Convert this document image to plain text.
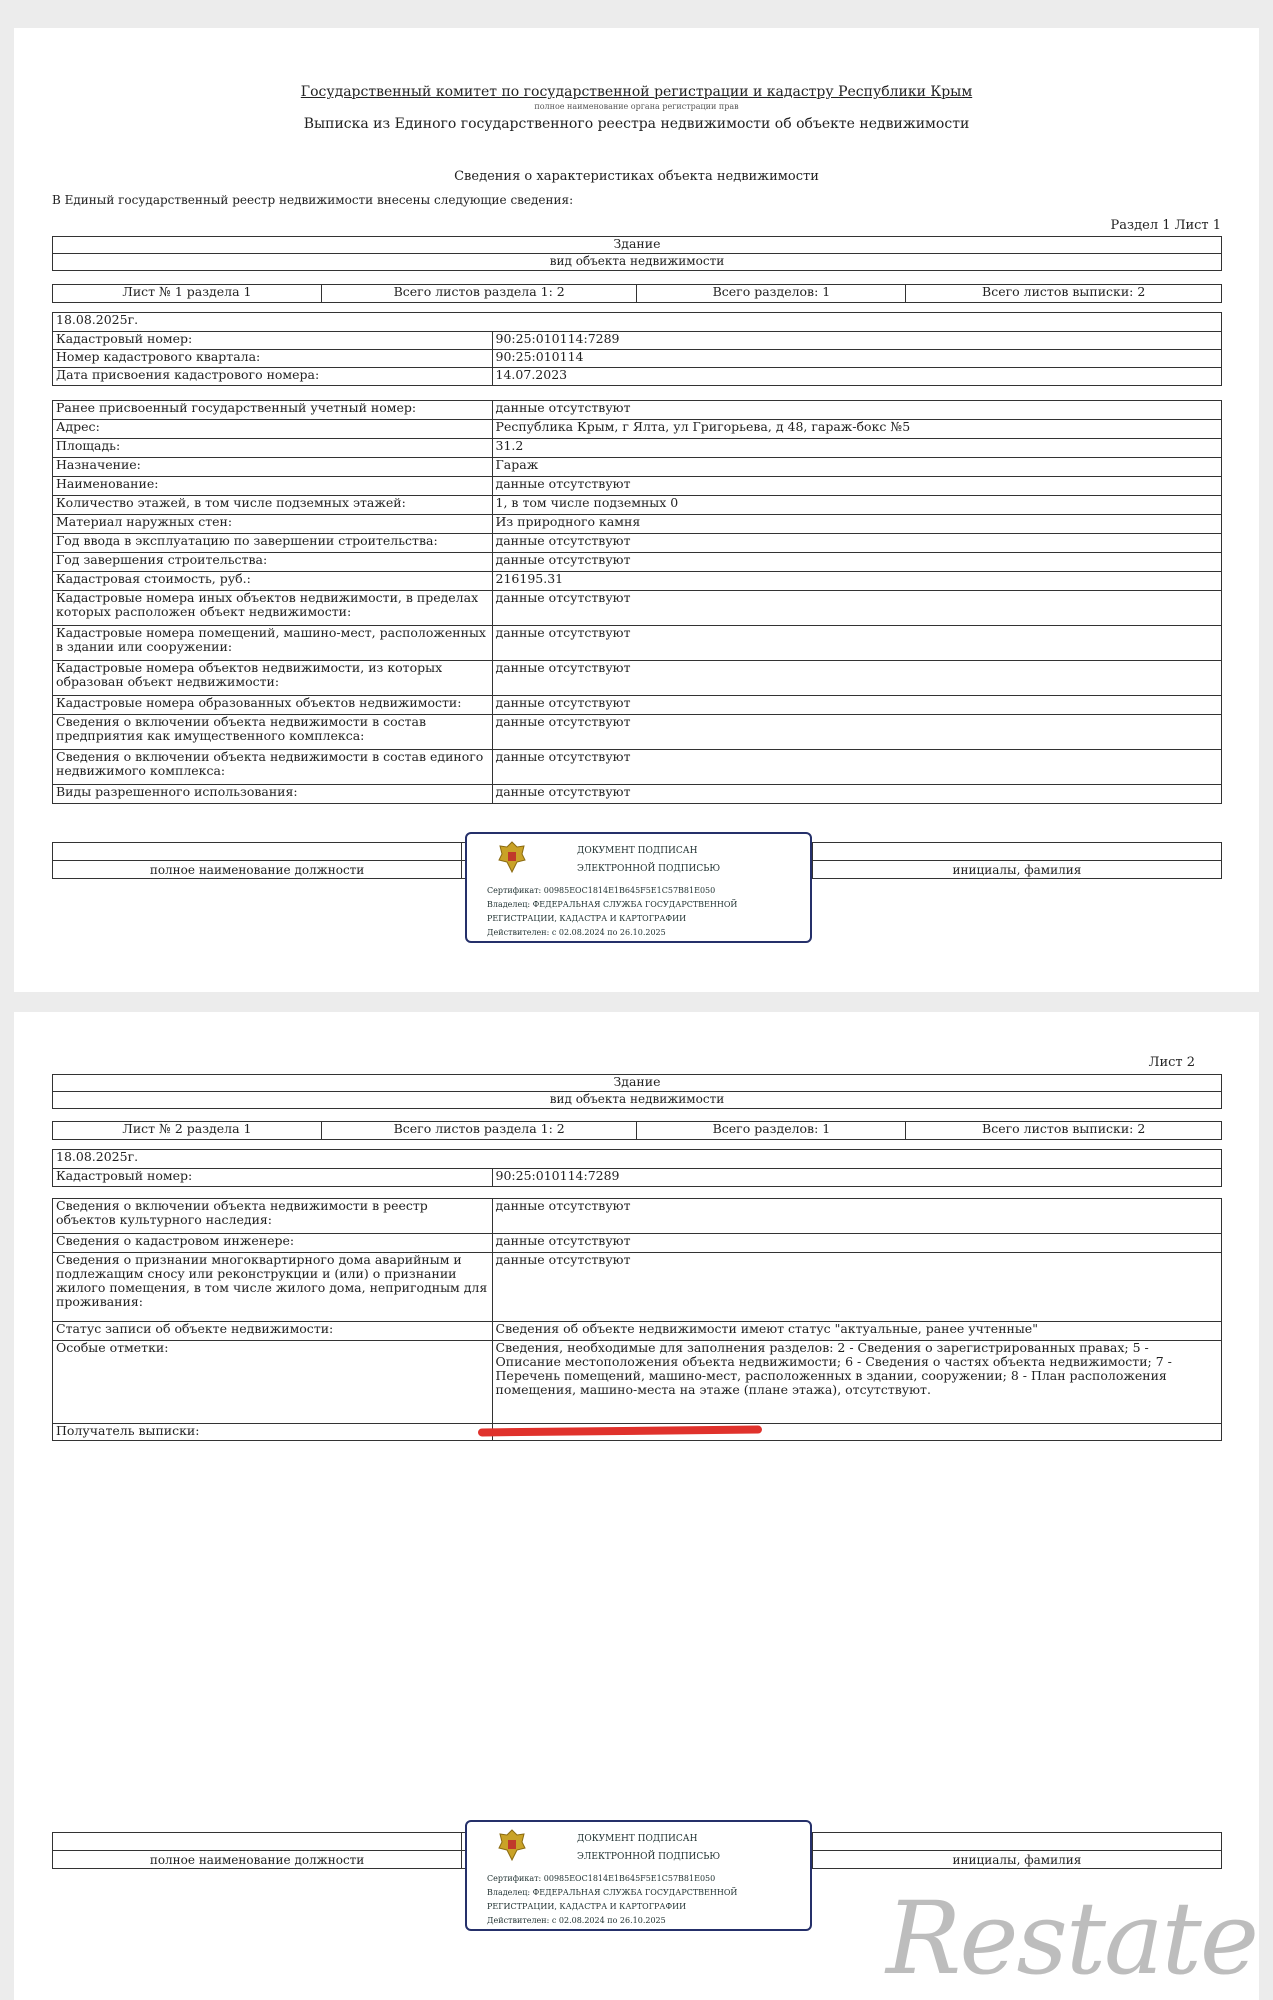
Государственный комитет по государственной регистрации и кадастру Республики Крым
полное наименование органа регистрации прав
Выписка из Единого государственного реестра недвижимости об объекте недвижимости
Сведения о характеристиках объекта недвижимости
В Единый государственный реестр недвижимости внесены следующие сведения:
Раздел 1 Лист 1
Здание
вид объекта недвижимости
Лист № 1 раздела 1	Всего листов раздела 1: 2	Всего разделов: 1	Всего листов выписки: 2
18.08.2025г.	
Кадастровый номер:	90:25:010114:7289
Номер кадастрового квартала:	90:25:010114
Дата присвоения кадастрового номера:	14.07.2023
Ранее присвоенный государственный учетный номер:	данные отсутствуют
Адрес:	Республика Крым, г Ялта, ул Григорьева, д 48, гараж-бокс №5
Площадь:	31.2
Назначение:	Гараж
Наименование:	данные отсутствуют
Количество этажей, в том числе подземных этажей:	1, в том числе подземных 0
Материал наружных стен:	Из природного камня
Год ввода в эксплуатацию по завершении строительства:	данные отсутствуют
Год завершения строительства:	данные отсутствуют
Кадастровая стоимость, руб.:	216195.31
Кадастровые номера иных объектов недвижимости, в пределах которых расположен объект недвижимости:	данные отсутствуют
Кадастровые номера помещений, машино-мест, расположенных в здании или сооружении:	данные отсутствуют
Кадастровые номера объектов недвижимости, из которых образован объект недвижимости:	данные отсутствуют
Кадастровые номера образованных объектов недвижимости:	данные отсутствуют
Сведения о включении объекта недвижимости в состав предприятия как имущественного комплекса:	данные отсутствуют
Сведения о включении объекта недвижимости в состав единого недвижимого комплекса:	данные отсутствуют
Виды разрешенного использования:	данные отсутствуют

полное наименование должности		инициалы, фамилия
ДОКУМЕНТ ПОДПИСАН
ЭЛЕКТРОННОЙ ПОДПИСЬЮ
Сертификат: 00985ЕОС1814Е1В645F5Е1С57В81Е050
Владелец: ФЕДЕРАЛЬНАЯ СЛУЖБА ГОСУДАРСТВЕННОЙ
РЕГИСТРАЦИИ, КАДАСТРА И КАРТОГРАФИИ
Действителен: с 02.08.2024 по 26.10.2025
Лист 2
Здание
вид объекта недвижимости
Лист № 2 раздела 1	Всего листов раздела 1: 2	Всего разделов: 1	Всего листов выписки: 2
18.08.2025г.
Кадастровый номер:	90:25:010114:7289
Сведения о включении объекта недвижимости в реестр объектов культурного наследия:	данные отсутствуют
Сведения о кадастровом инженере:	данные отсутствуют
Сведения о признании многоквартирного дома аварийным и подлежащим сносу или реконструкции и (или) о признании жилого помещения, в том числе жилого дома, непригодным для проживания:	данные отсутствуют
Статус записи об объекте недвижимости:	Сведения об объекте недвижимости имеют статус "актуальные, ранее учтенные"
Особые отметки:	Сведения, необходимые для заполнения разделов: 2 - Сведения о зарегистрированных правах; 5 - Описание местоположения объекта недвижимости; 6 - Сведения о частях объекта недвижимости; 7 - Перечень помещений, машино-мест, расположенных в здании, сооружении; 8 - План расположения помещения, машино-места на этаже (плане этажа), отсутствуют.
Получатель выписки:	

полное наименование должности		инициалы, фамилия
ДОКУМЕНТ ПОДПИСАН
ЭЛЕКТРОННОЙ ПОДПИСЬЮ
Сертификат: 00985ЕОС1814Е1В645F5Е1С57В81Е050
Владелец: ФЕДЕРАЛЬНАЯ СЛУЖБА ГОСУДАРСТВЕННОЙ
РЕГИСТРАЦИИ, КАДАСТРА И КАРТОГРАФИИ
Действителен: с 02.08.2024 по 26.10.2025 Restate
